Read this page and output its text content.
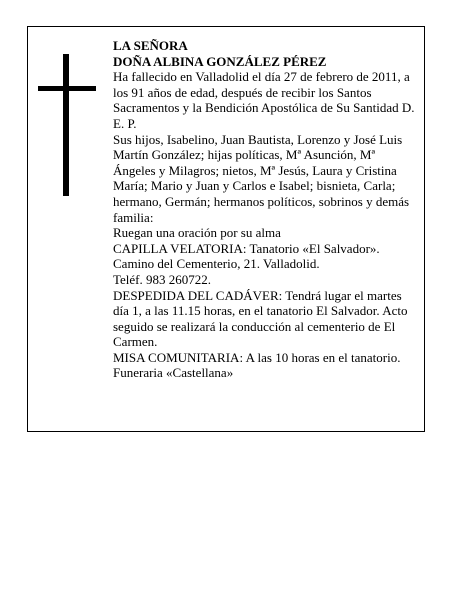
LA SEÑORA

DOÑA ALBINA GONZÁLEZ PÉREZ

Ha fallecido en Valladolid el día 27 de febrero de 2011, a los 91 años de edad, después de recibir los Santos Sacramentos y la Bendición Apostólica de Su Santidad D. E. P.

Sus hijos, Isabelino, Juan Bautista, Lorenzo y José Luis Martín González; hijas políticas, Mª Asunción, Mª Ángeles y Milagros; nietos, Mª Jesús, Laura y Cristina María; Mario y Juan y Carlos e Isabel; bisnieta, Carla; hermano, Germán; hermanos políticos, sobrinos y demás familia:

Ruegan una oración por su alma

CAPILLA VELATORIA: Tanatorio «El Salvador».

Camino del Cementerio, 21. Valladolid.

Teléf. 983 260722.

DESPEDIDA DEL CADÁVER: Tendrá lugar el martes día 1, a las 11.15 horas, en el tanatorio El Salvador. Acto seguido se realizará la conducción al cementerio de El Carmen.

MISA COMUNITARIA: A las 10 horas en el tanatorio.

Funeraria «Castellana»
